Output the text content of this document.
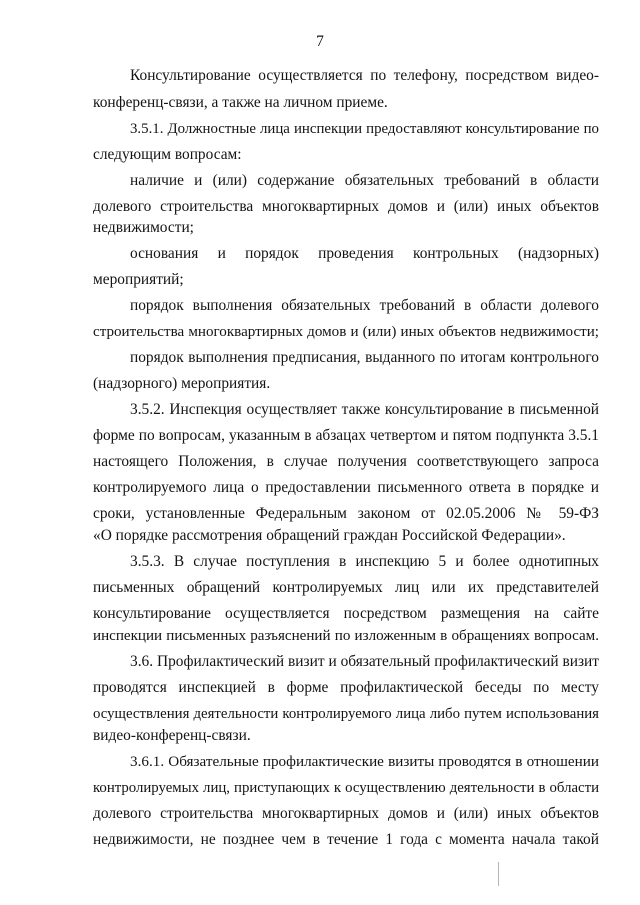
7
Консультирование осуществляется по телефону, посредством видео-
конференц-связи, а также на личном приеме.
3.5.1. Должностные лица инспекции предоставляют консультирование по
следующим вопросам:
наличие и (или) содержание обязательных требований в области
долевого строительства многоквартирных домов и (или) иных объектов
недвижимости;
основания и порядок проведения контрольных (надзорных)
мероприятий;
порядок выполнения обязательных требований в области долевого
строительства многоквартирных домов и (или) иных объектов недвижимости;
порядок выполнения предписания, выданного по итогам контрольного
(надзорного) мероприятия.
3.5.2. Инспекция осуществляет также консультирование в письменной
форме по вопросам, указанным в абзацах четвертом и пятом подпункта 3.5.1
настоящего Положения, в случае получения соответствующего запроса
контролируемого лица о предоставлении письменного ответа в порядке и
сроки, установленные Федеральным законом от 02.05.2006 № 59-ФЗ
«О порядке рассмотрения обращений граждан Российской Федерации».
3.5.3. В случае поступления в инспекцию 5 и более однотипных
письменных обращений контролируемых лиц или их представителей
консультирование осуществляется посредством размещения на сайте
инспекции письменных разъяснений по изложенным в обращениях вопросам.
3.6. Профилактический визит и обязательный профилактический визит
проводятся инспекцией в форме профилактической беседы по месту
осуществления деятельности контролируемого лица либо путем использования
видео-конференц-связи.
3.6.1. Обязательные профилактические визиты проводятся в отношении
контролируемых лиц, приступающих к осуществлению деятельности в области
долевого строительства многоквартирных домов и (или) иных объектов
недвижимости, не позднее чем в течение 1 года с момента начала такой
